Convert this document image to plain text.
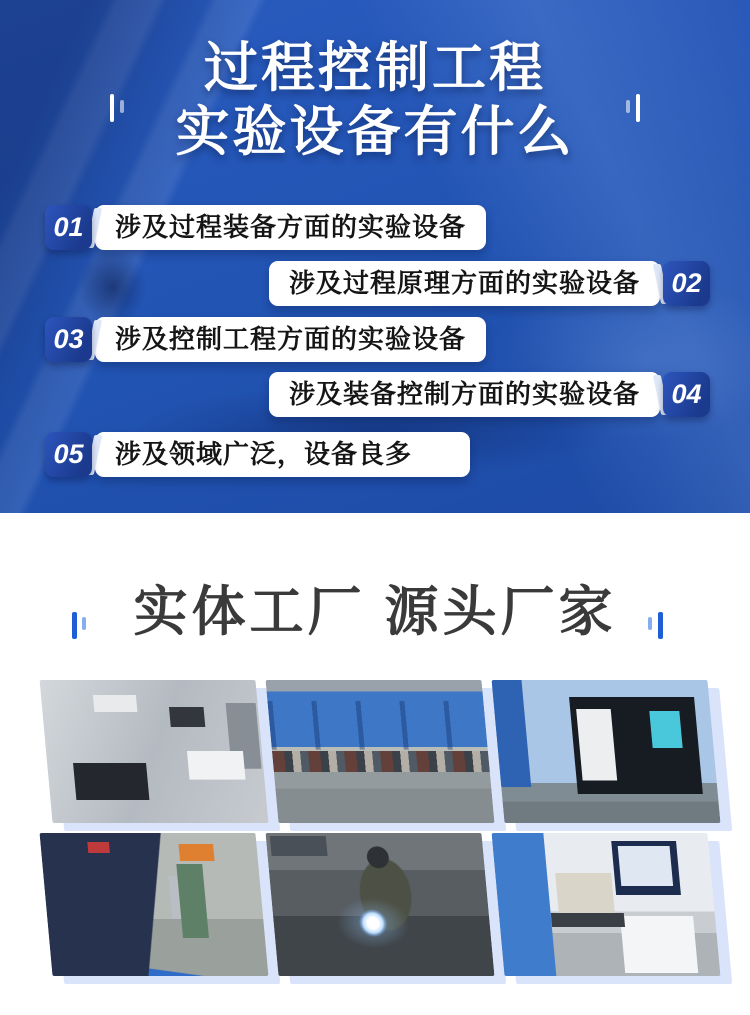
过程控制工程
实验设备有什么
01	涉及过程装备方面的实验设备
涉及过程原理方面的实验设备	02
03	涉及控制工程方面的实验设备
涉及装备控制方面的实验设备	04
05	涉及领域广泛，设备良多
实体工厂 源头厂家
